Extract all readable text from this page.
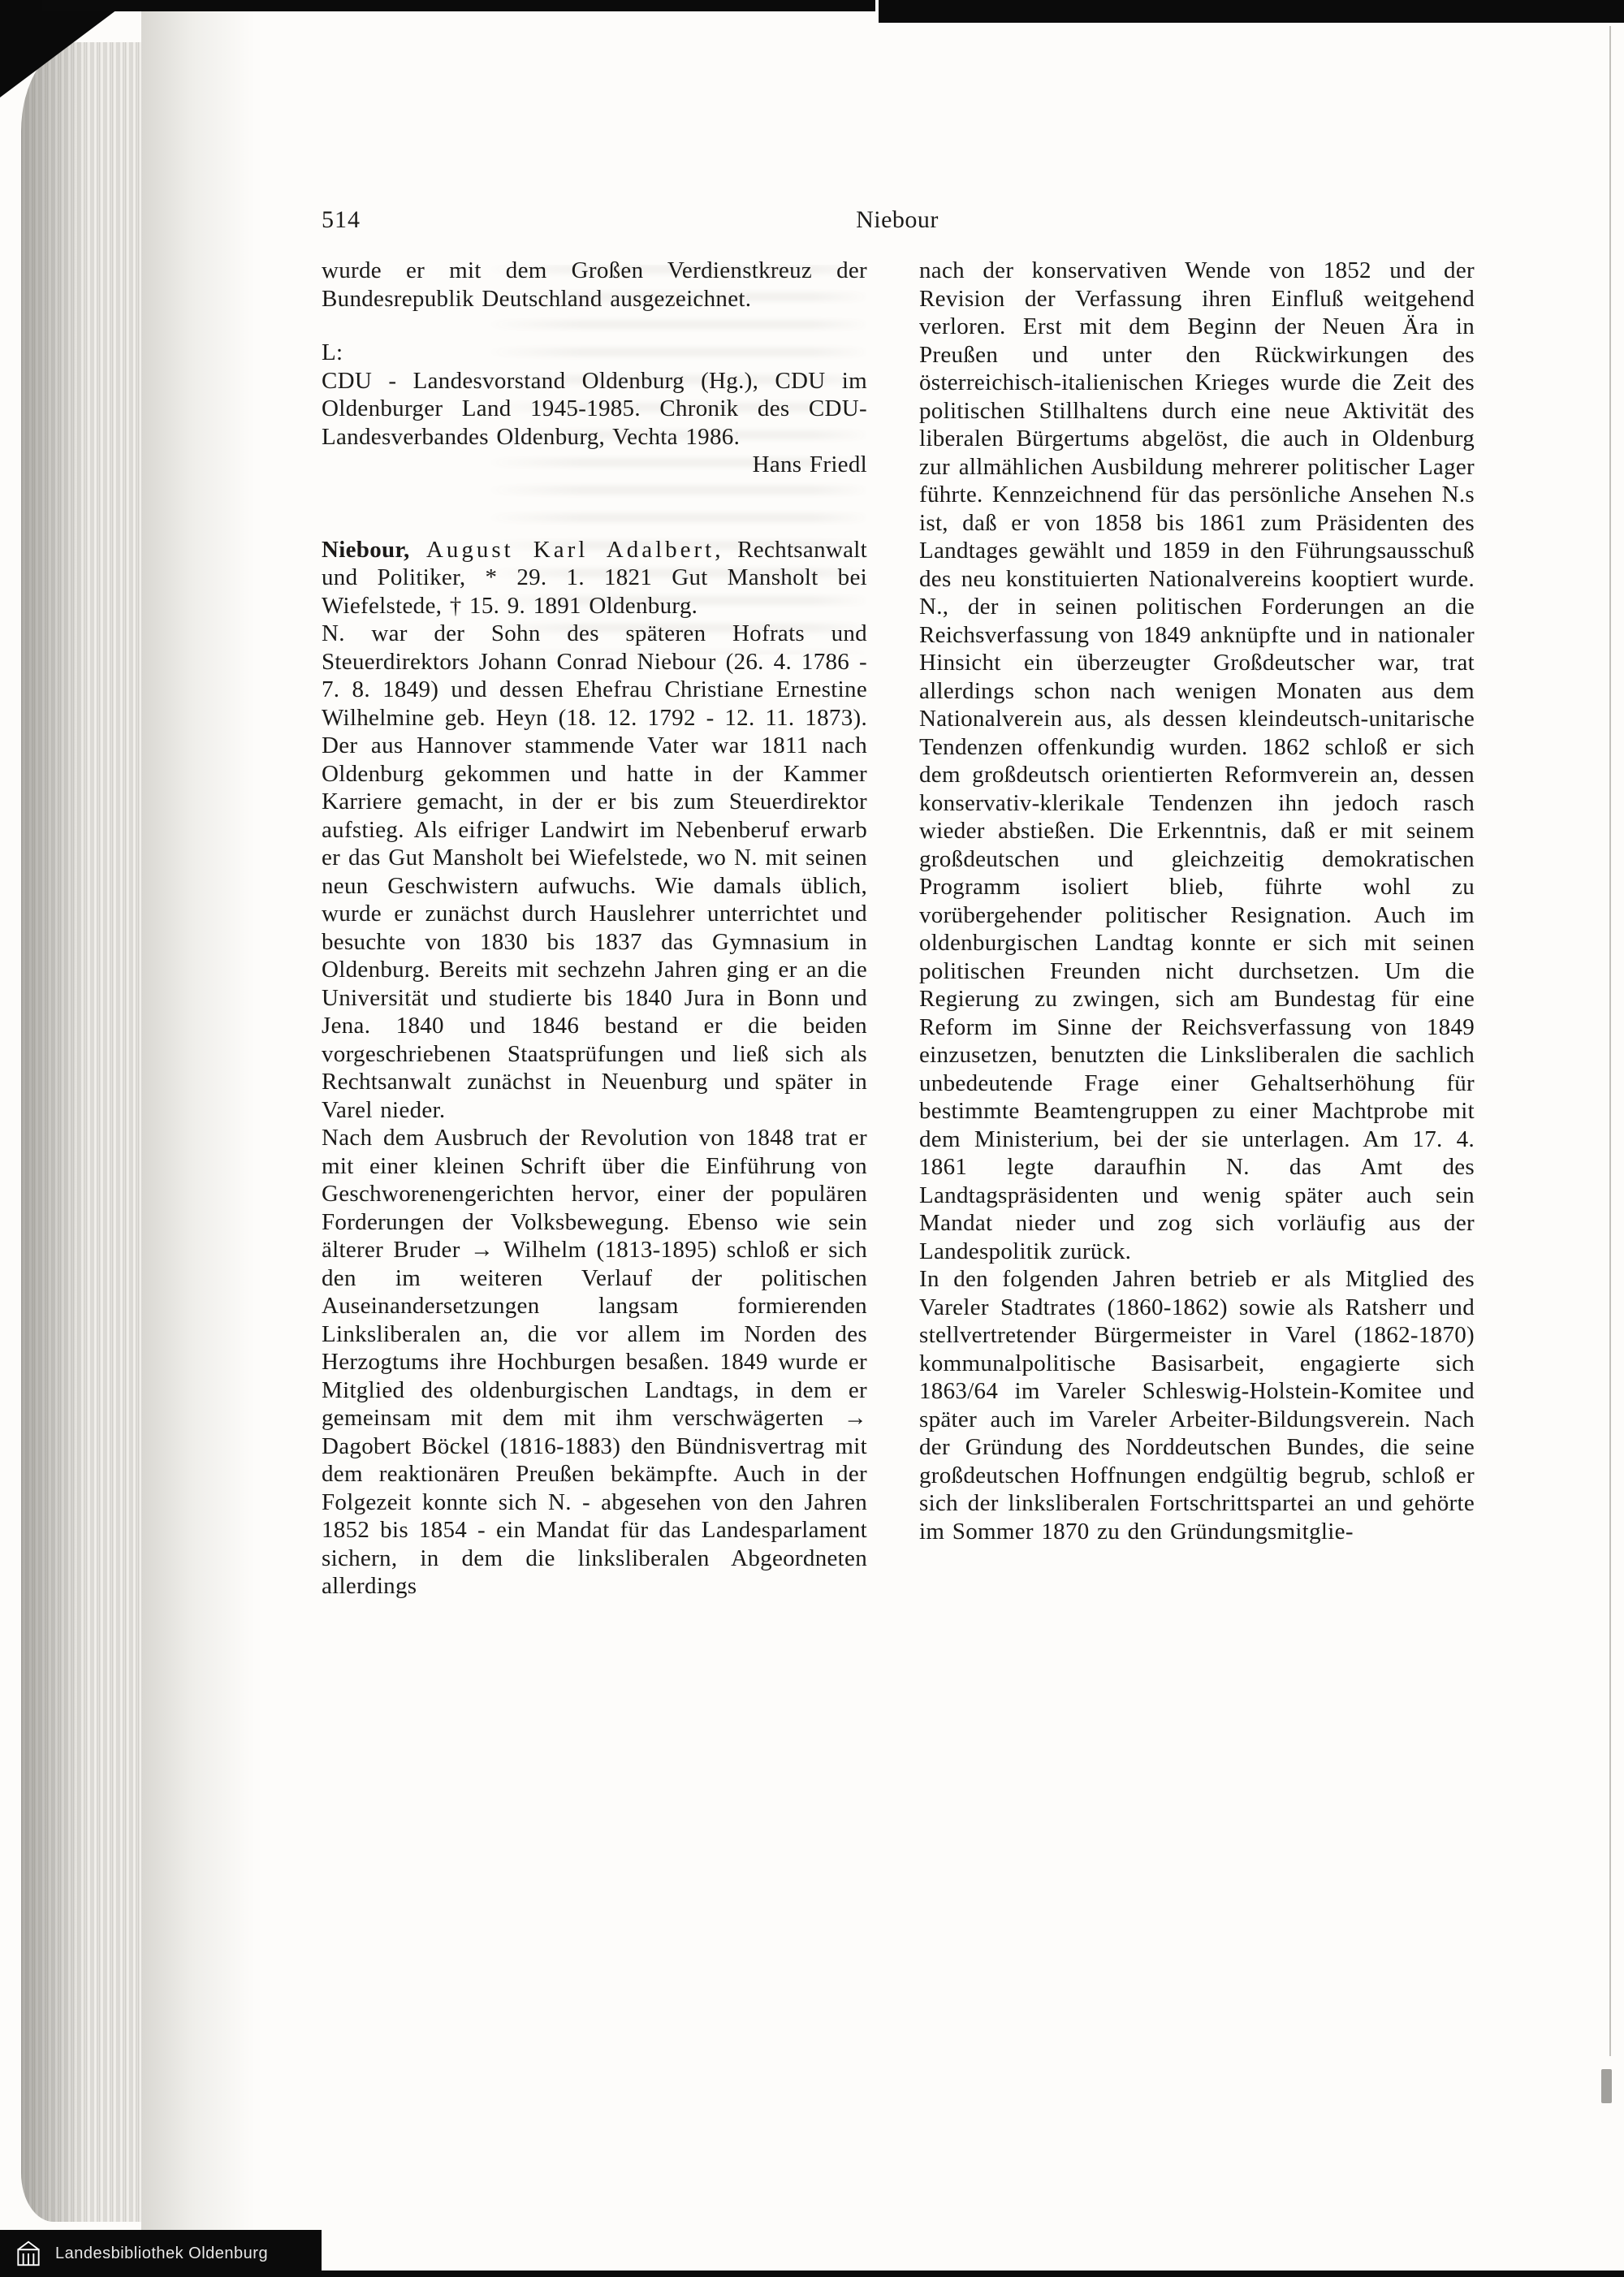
514	Niebour

wurde er mit dem Großen Verdienstkreuz der Bundesrepublik Deutschland ausgezeichnet.

L:

CDU - Landesvorstand Oldenburg (Hg.), CDU im Oldenburger Land 1945-1985. Chronik des CDU-Landesverbandes Oldenburg, Vechta 1986.

Hans Friedl

Niebour, August Karl Adalbert, Rechtsanwalt und Politiker, * 29. 1. 1821 Gut Mansholt bei Wiefelstede, † 15. 9. 1891 Oldenburg.

N. war der Sohn des späteren Hofrats und Steuerdirektors Johann Conrad Niebour (26. 4. 1786 - 7. 8. 1849) und dessen Ehefrau Christiane Ernestine Wilhelmine geb. Heyn (18. 12. 1792 - 12. 11. 1873). Der aus Hannover stammende Vater war 1811 nach Oldenburg gekommen und hatte in der Kammer Karriere gemacht, in der er bis zum Steuerdirektor aufstieg. Als eifriger Landwirt im Nebenberuf erwarb er das Gut Mansholt bei Wiefelstede, wo N. mit seinen neun Geschwistern aufwuchs. Wie damals üblich, wurde er zunächst durch Hauslehrer unterrichtet und besuchte von 1830 bis 1837 das Gymnasium in Oldenburg. Bereits mit sechzehn Jahren ging er an die Universität und studierte bis 1840 Jura in Bonn und Jena. 1840 und 1846 bestand er die beiden vorgeschriebenen Staatsprüfungen und ließ sich als Rechtsanwalt zunächst in Neuenburg und später in Varel nieder.

Nach dem Ausbruch der Revolution von 1848 trat er mit einer kleinen Schrift über die Einführung von Geschworenengerichten hervor, einer der populären Forderungen der Volksbewegung. Ebenso wie sein älterer Bruder → Wilhelm (1813-1895) schloß er sich den im weiteren Verlauf der politischen Auseinandersetzungen langsam formierenden Linksliberalen an, die vor allem im Norden des Herzogtums ihre Hochburgen besaßen. 1849 wurde er Mitglied des oldenburgischen Landtags, in dem er gemeinsam mit dem mit ihm verschwägerten → Dagobert Böckel (1816-1883) den Bündnisvertrag mit dem reaktionären Preußen bekämpfte. Auch in der Folgezeit konnte sich N. - abgesehen von den Jahren 1852 bis 1854 - ein Mandat für das Landesparlament sichern, in dem die linksliberalen Abgeordneten allerdings

nach der konservativen Wende von 1852 und der Revision der Verfassung ihren Einfluß weitgehend verloren. Erst mit dem Beginn der Neuen Ära in Preußen und unter den Rückwirkungen des österreichisch-italienischen Krieges wurde die Zeit des politischen Stillhaltens durch eine neue Aktivität des liberalen Bürgertums abgelöst, die auch in Oldenburg zur allmählichen Ausbildung mehrerer politischer Lager führte. Kennzeichnend für das persönliche Ansehen N.s ist, daß er von 1858 bis 1861 zum Präsidenten des Landtages gewählt und 1859 in den Führungsausschuß des neu konstituierten Nationalvereins kooptiert wurde. N., der in seinen politischen Forderungen an die Reichsverfassung von 1849 anknüpfte und in nationaler Hinsicht ein überzeugter Großdeutscher war, trat allerdings schon nach wenigen Monaten aus dem Nationalverein aus, als dessen kleindeutsch-unitarische Tendenzen offenkundig wurden. 1862 schloß er sich dem großdeutsch orientierten Reformverein an, dessen konservativ-klerikale Tendenzen ihn jedoch rasch wieder abstießen. Die Erkenntnis, daß er mit seinem großdeutschen und gleichzeitig demokratischen Programm isoliert blieb, führte wohl zu vorübergehender politischer Resignation. Auch im oldenburgischen Landtag konnte er sich mit seinen politischen Freunden nicht durchsetzen. Um die Regierung zu zwingen, sich am Bundestag für eine Reform im Sinne der Reichsverfassung von 1849 einzusetzen, benutzten die Linksliberalen die sachlich unbedeutende Frage einer Gehaltserhöhung für bestimmte Beamtengruppen zu einer Machtprobe mit dem Ministerium, bei der sie unterlagen. Am 17. 4. 1861 legte daraufhin N. das Amt des Landtagspräsidenten und wenig später auch sein Mandat nieder und zog sich vorläufig aus der Landespolitik zurück.

In den folgenden Jahren betrieb er als Mitglied des Vareler Stadtrates (1860-1862) sowie als Ratsherr und stellvertretender Bürgermeister in Varel (1862-1870) kommunalpolitische Basisarbeit, engagierte sich 1863/64 im Vareler Schleswig-Holstein-Komitee und später auch im Vareler Arbeiter-Bildungsverein. Nach der Gründung des Norddeutschen Bundes, die seine großdeutschen Hoffnungen endgültig begrub, schloß er sich der linksliberalen Fortschrittspartei an und gehörte im Sommer 1870 zu den Gründungsmitglie-

Landesbibliothek Oldenburg
